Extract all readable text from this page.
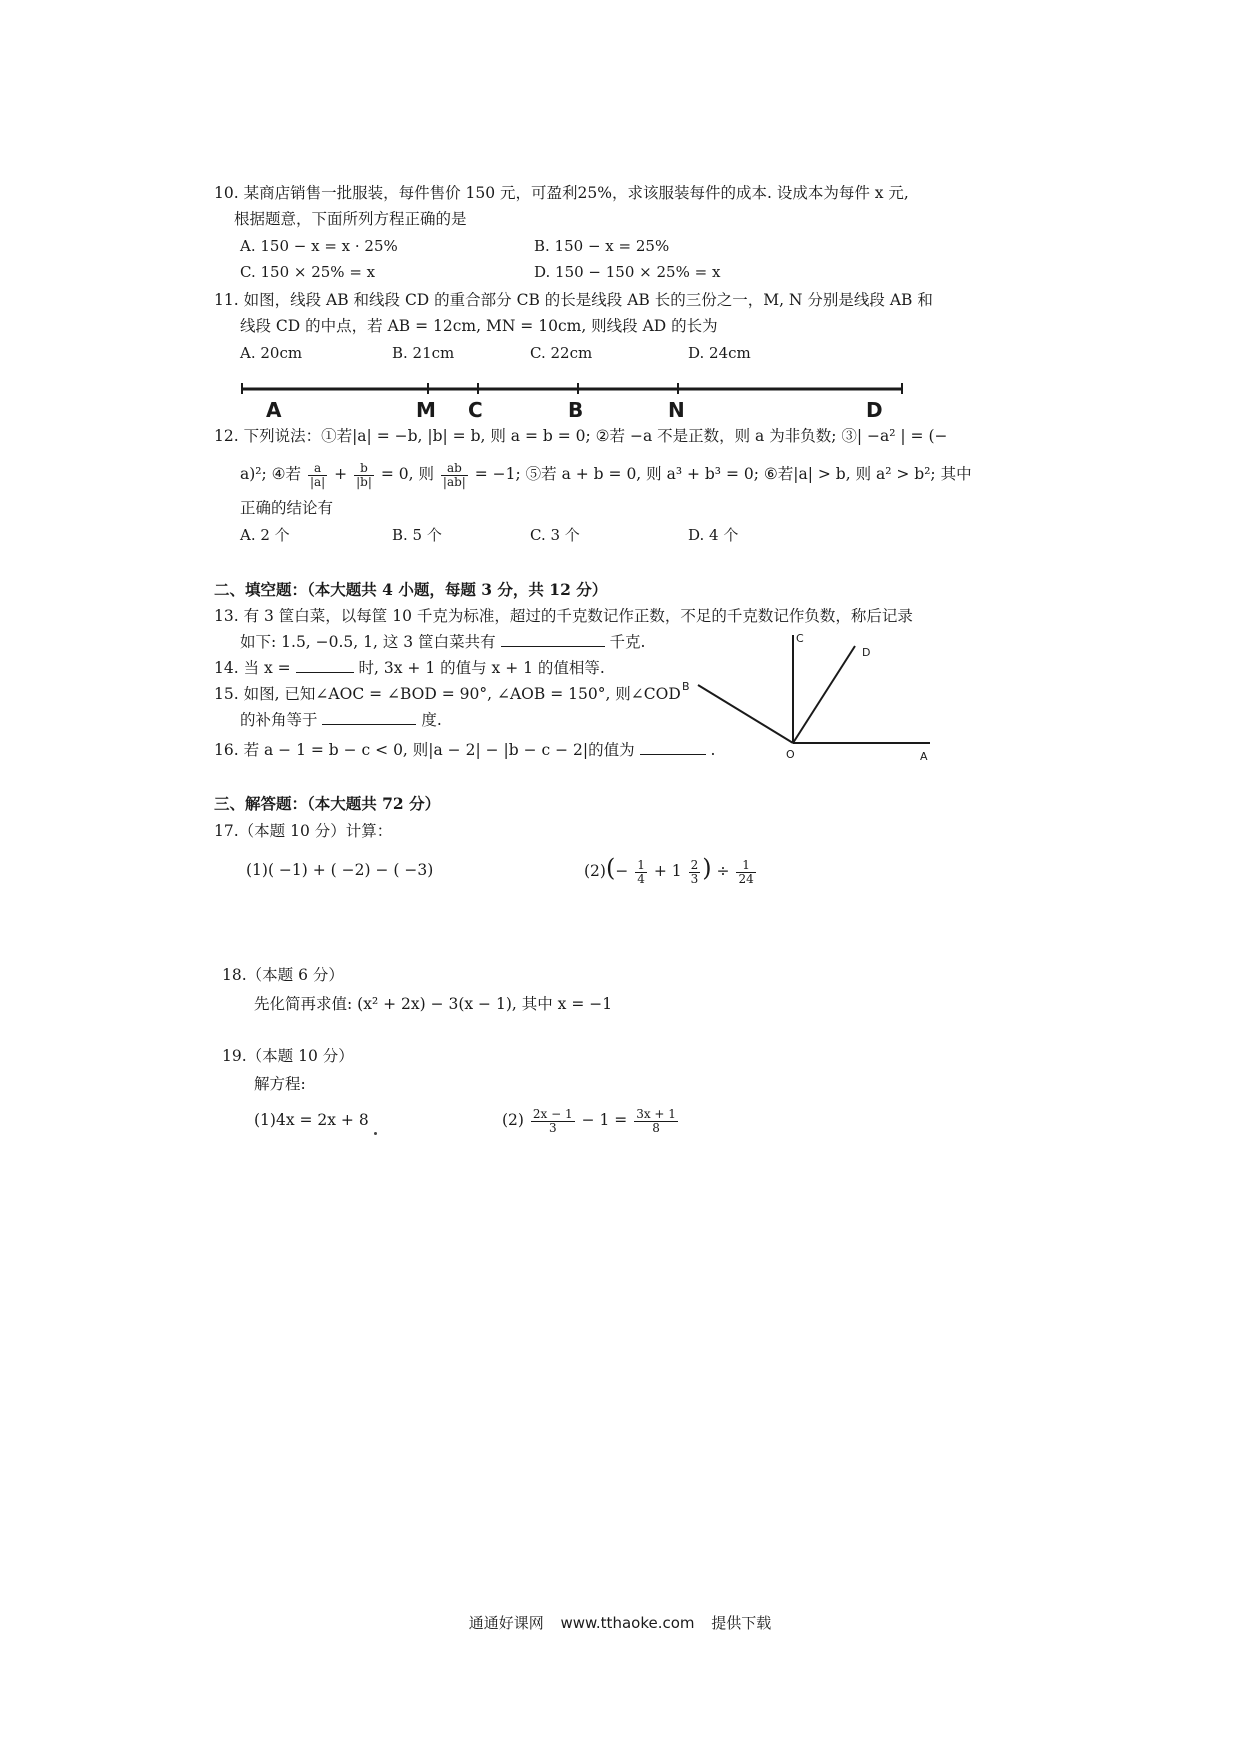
10. 某商店销售一批服装，每件售价 150 元，可盈利25%，求该服装每件的成本. 设成本为每件 x 元,
根据题意，下面所列方程正确的是
A. 150 − x = x · 25%	B. 150 − x = 25%
C. 150 × 25% = x	D. 150 − 150 × 25% = x
11. 如图，线段 AB 和线段 CD 的重合部分 CB 的长是线段 AB 长的三份之一，M, N 分别是线段 AB 和
线段 CD 的中点，若 AB = 12cm, MN = 10cm, 则线段 AD 的长为
A. 20cm	B. 21cm	C. 22cm	D. 24cm
A	M C	B	N	D
12. 下列说法：①若|a| = −b, |b| = b, 则 a = b = 0; ②若 −a 不是正数，则 a 为非负数; ③| −a² | = (−
a)²; ④若 $\frac{a}{|a|} + \frac{b}{|b|} = 0$, 则 $\frac{ab}{|ab|} = -1$; ⑤若 a + b = 0, 则 a³ + b³ = 0; ⑥若|a| > b, 则 a² > b²; 其中
正确的结论有
A. 2 个	B. 5 个	C. 3 个	D. 4 个
二、填空题：（本大题共 4 小题，每题 3 分，共 12 分）
13. 有 3 筐白菜，以每筐 10 千克为标准，超过的千克数记作正数，不足的千克数记作负数，称后记录
如下: 1.5, −0.5, 1, 这 3 筐白菜共有	千克.
14. 当 x =	时, 3x + 1 的值与 x + 1 的值相等.
15. 如图, 已知∠AOC = ∠BOD = 90°, ∠AOB = 150°, 则∠COD
的补角等于	度.
16. 若 a − 1 = b − c < 0, 则|a − 2| − |b − c − 2|的值为	.
C
D
B
O	A
三、解答题：（本大题共 72 分）
17.（本题 10 分）计算：
(1)( −1) + ( −2) − ( −3)	$(2)(- \frac{1}{4} + 1 \frac{2}{3}$ ) ÷ $\frac{1}{24}$
18.（本题 6 分）
先化简再求值: (x² + 2x) − 3(x − 1), 其中 x = −1
19.（本题 10 分）
解方程:
(1)4x = 2x + 8	$(2) \frac{2x - 1}{3} - 1 = \frac{3x + 1}{8}$
通通好课网 www.tthaoke.com 提供下载
